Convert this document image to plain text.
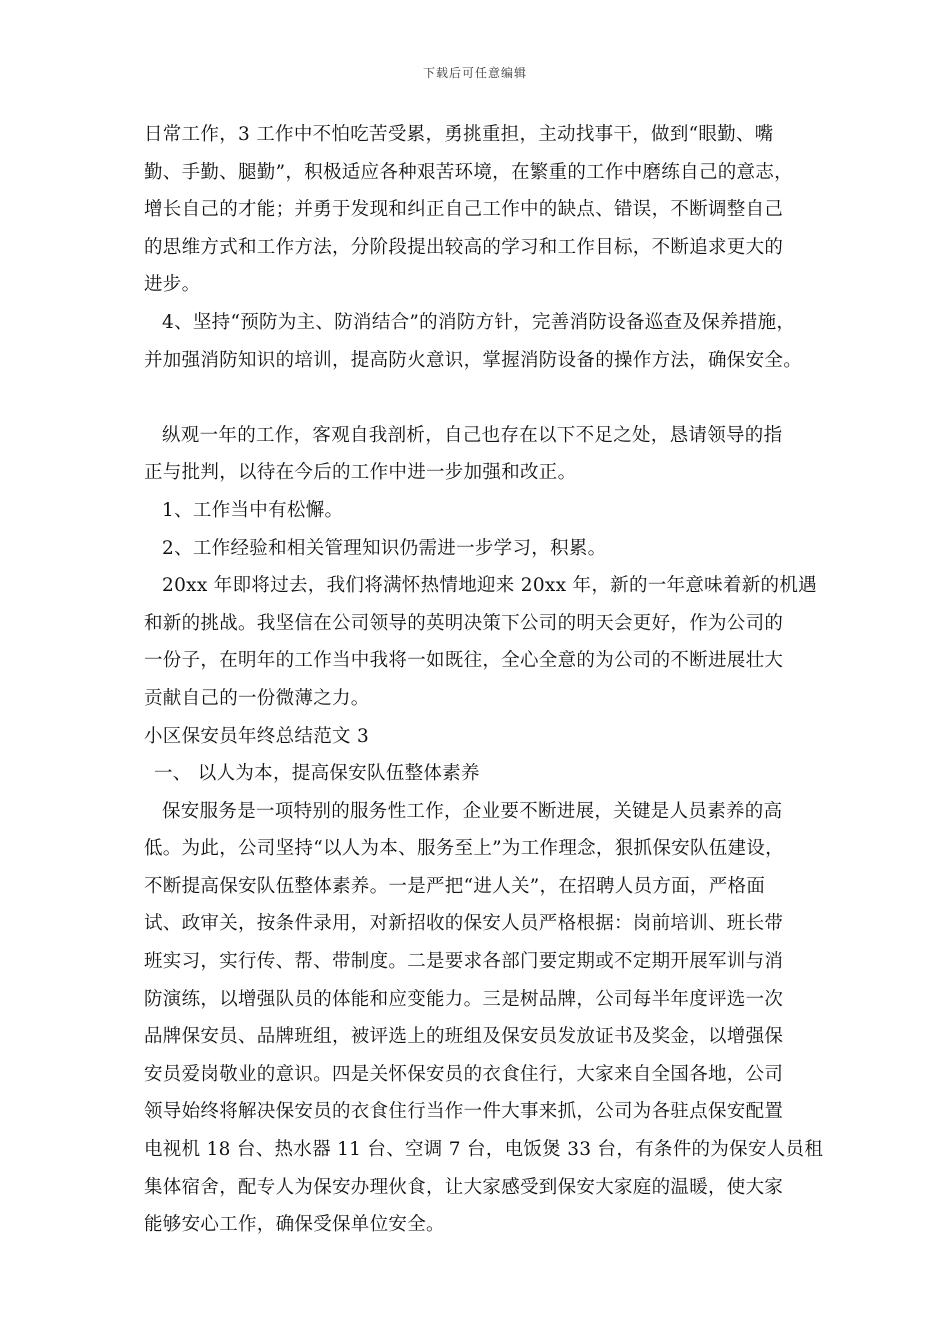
下载后可任意编辑
日常工作，3 工作中不怕吃苦受累，勇挑重担，主动找事干，做到“眼勤、嘴
勤、手勤、腿勤”，积极适应各种艰苦环境，在繁重的工作中磨练自己的意志，
增长自己的才能；并勇于发现和纠正自己工作中的缺点、错误，不断调整自己
的思维方式和工作方法，分阶段提出较高的学习和工作目标，不断追求更大的
进步。
4、坚持“预防为主、防消结合”的消防方针，完善消防设备巡查及保养措施，
并加强消防知识的培训，提高防火意识，掌握消防设备的操作方法，确保安全。
纵观一年的工作，客观自我剖析，自己也存在以下不足之处，恳请领导的指
正与批判，以待在今后的工作中进一步加强和改正。
1、工作当中有松懈。
2、工作经验和相关管理知识仍需进一步学习，积累。
20xx 年即将过去，我们将满怀热情地迎来 20xx 年，新的一年意味着新的机遇
和新的挑战。我坚信在公司领导的英明决策下公司的明天会更好，作为公司的
一份子，在明年的工作当中我将一如既往，全心全意的为公司的不断进展壮大
贡献自己的一份微薄之力。
小区保安员年终总结范文 3
一、 以人为本，提高保安队伍整体素养
保安服务是一项特别的服务性工作，企业要不断进展，关键是人员素养的高
低。为此，公司坚持“以人为本、服务至上”为工作理念，狠抓保安队伍建设，
不断提高保安队伍整体素养。一是严把“进人关”，在招聘人员方面，严格面
试、政审关，按条件录用，对新招收的保安人员严格根据：岗前培训、班长带
班实习，实行传、帮、带制度。二是要求各部门要定期或不定期开展军训与消
防演练，以增强队员的体能和应变能力。三是树品牌，公司每半年度评选一次
品牌保安员、品牌班组，被评选上的班组及保安员发放证书及奖金，以增强保
安员爱岗敬业的意识。四是关怀保安员的衣食住行，大家来自全国各地，公司
领导始终将解决保安员的衣食住行当作一件大事来抓，公司为各驻点保安配置
电视机 18 台、热水器 11 台、空调 7 台，电饭煲 33 台，有条件的为保安人员租
集体宿舍，配专人为保安办理伙食，让大家感受到保安大家庭的温暖，使大家
能够安心工作，确保受保单位安全。
